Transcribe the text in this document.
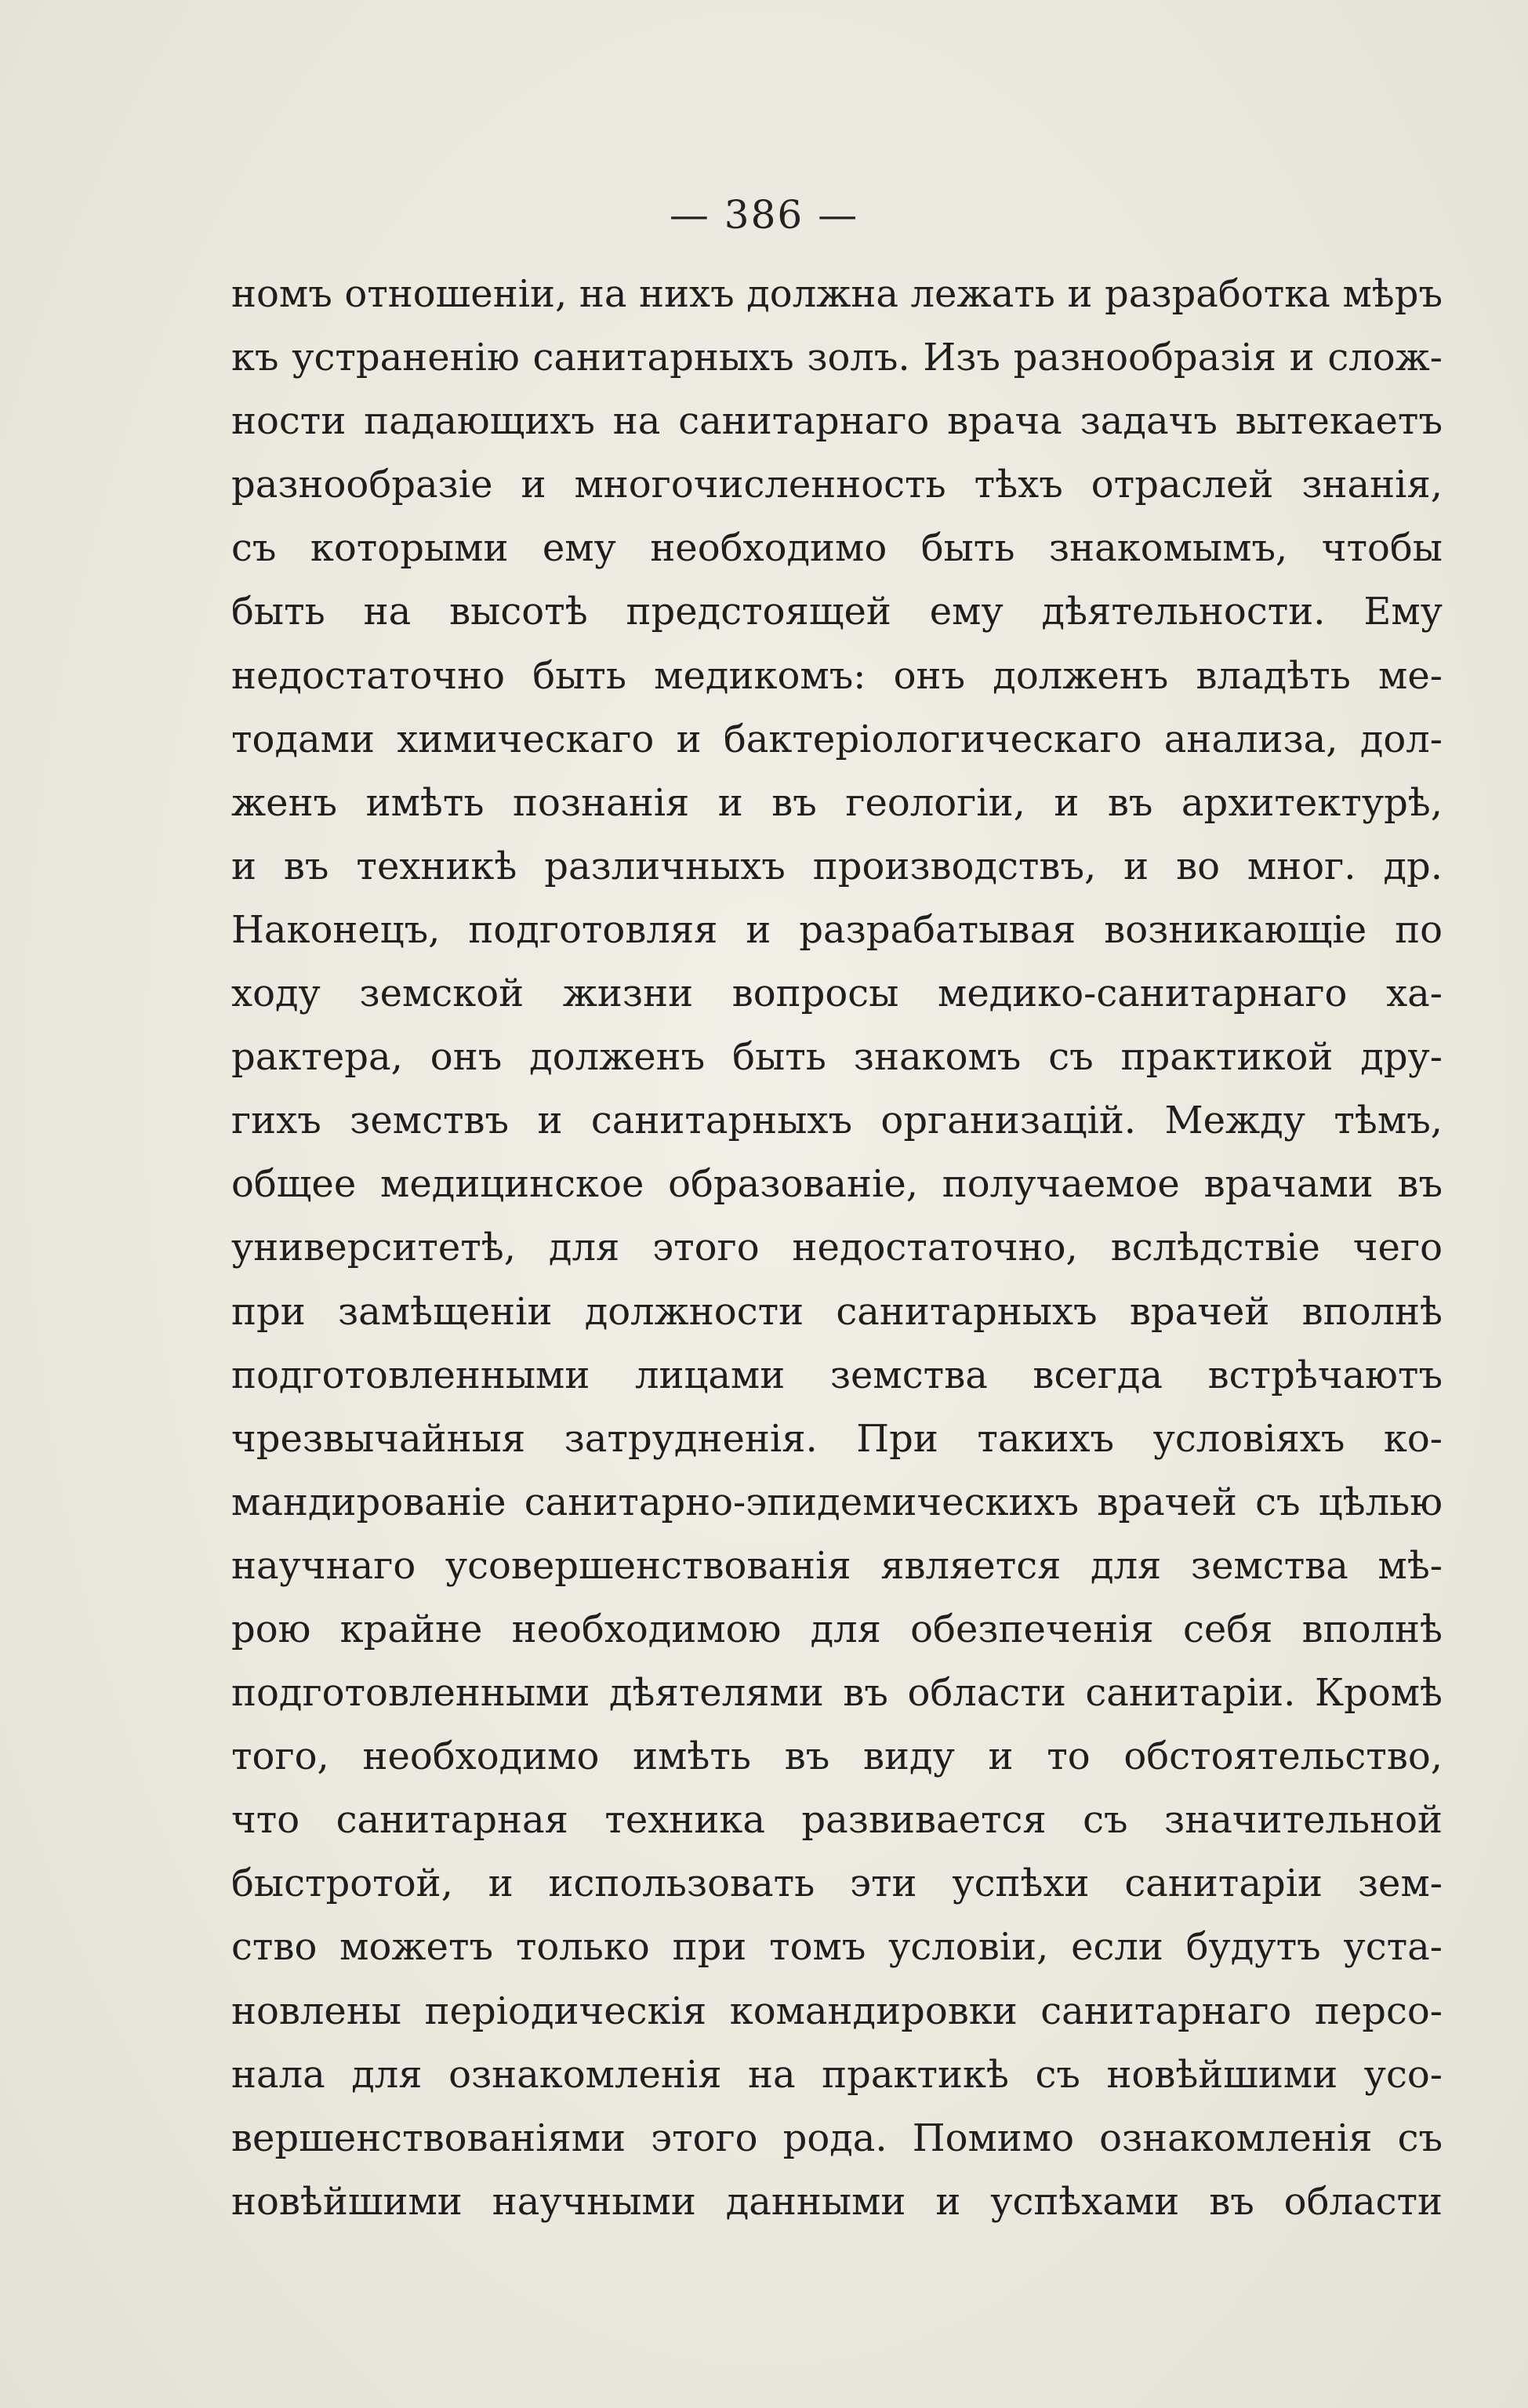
— 386 —
номъ отношенiи, на нихъ должна лежать и разработка мѣръ
къ устраненiю санитарныхъ золъ. Изъ разнообразiя и слож-
ности падающихъ на санитарнаго врача задачъ вытекаетъ
разнообразiе и многочисленность тѣхъ отраслей знанiя,
съ которыми ему необходимо быть знакомымъ, чтобы
быть на высотѣ предстоящей ему дѣятельности. Ему
недостаточно быть медикомъ: онъ долженъ владѣть ме-
тодами химическаго и бактерiологическаго анализа, дол-
женъ имѣть познанiя и въ геологiи, и въ архитектурѣ,
и въ техникѣ различныхъ производствъ, и во мног. др.
Наконецъ, подготовляя и разрабатывая возникающiе по
ходу земской жизни вопросы медико-санитарнаго ха-
рактера, онъ долженъ быть знакомъ съ практикой дру-
гихъ земствъ и санитарныхъ организацiй. Между тѣмъ,
общее медицинское образованiе, получаемое врачами въ
университетѣ, для этого недостаточно, вслѣдствiе чего
при замѣщенiи должности санитарныхъ врачей вполнѣ
подготовленными лицами земства всегда встрѣчаютъ
чрезвычайныя затрудненiя. При такихъ условiяхъ ко-
мандированiе санитарно-эпидемическихъ врачей съ цѣлью
научнаго усовершенствованiя является для земства мѣ-
рою крайне необходимою для обезпеченiя себя вполнѣ
подготовленными дѣятелями въ области санитарiи. Кромѣ
того, необходимо имѣть въ виду и то обстоятельство,
что санитарная техника развивается съ значительной
быстротой, и использовать эти успѣхи санитарiи зем-
ство можетъ только при томъ условiи, если будутъ уста-
новлены періодическія командировки санитарнаго персо-
нала для ознакомленiя на практикѣ съ новѣйшими усо-
вершенствованiями этого рода. Помимо ознакомленiя съ
новѣйшими научными данными и успѣхами въ области
